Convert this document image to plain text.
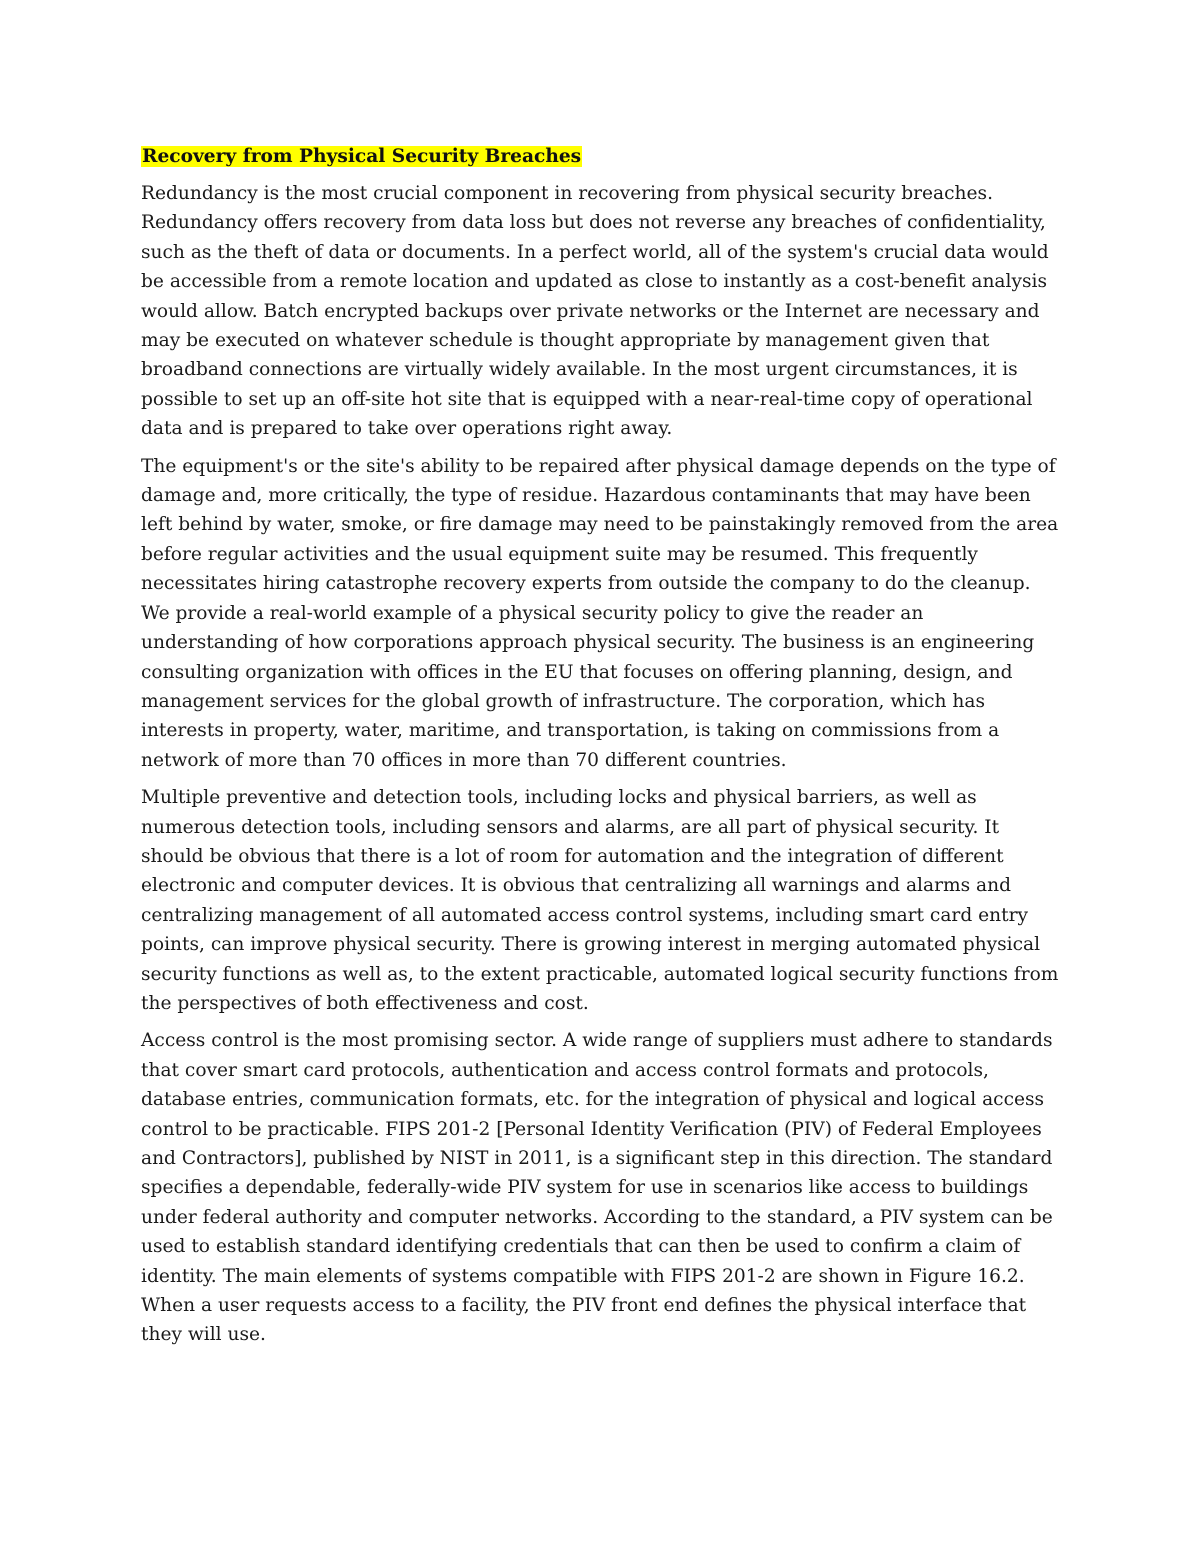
Recovery from Physical Security Breaches

Redundancy is the most crucial component in recovering from physical security breaches. Redundancy offers recovery from data loss but does not reverse any breaches of confidentiality, such as the theft of data or documents. In a perfect world, all of the system's crucial data would be accessible from a remote location and updated as close to instantly as a cost-benefit analysis would allow. Batch encrypted backups over private networks or the Internet are necessary and may be executed on whatever schedule is thought appropriate by management given that broadband connections are virtually widely available. In the most urgent circumstances, it is possible to set up an off-site hot site that is equipped with a near-real-time copy of operational data and is prepared to take over operations right away.

The equipment's or the site's ability to be repaired after physical damage depends on the type of damage and, more critically, the type of residue. Hazardous contaminants that may have been left behind by water, smoke, or fire damage may need to be painstakingly removed from the area before regular activities and the usual equipment suite may be resumed. This frequently necessitates hiring catastrophe recovery experts from outside the company to do the cleanup. We provide a real-world example of a physical security policy to give the reader an understanding of how corporations approach physical security. The business is an engineering consulting organization with offices in the EU that focuses on offering planning, design, and management services for the global growth of infrastructure. The corporation, which has interests in property, water, maritime, and transportation, is taking on commissions from a network of more than 70 offices in more than 70 different countries.

Multiple preventive and detection tools, including locks and physical barriers, as well as numerous detection tools, including sensors and alarms, are all part of physical security. It should be obvious that there is a lot of room for automation and the integration of different electronic and computer devices. It is obvious that centralizing all warnings and alarms and centralizing management of all automated access control systems, including smart card entry points, can improve physical security. There is growing interest in merging automated physical security functions as well as, to the extent practicable, automated logical security functions from the perspectives of both effectiveness and cost.

Access control is the most promising sector. A wide range of suppliers must adhere to standards that cover smart card protocols, authentication and access control formats and protocols, database entries, communication formats, etc. for the integration of physical and logical access control to be practicable. FIPS 201-2 [Personal Identity Verification (PIV) of Federal Employees and Contractors], published by NIST in 2011, is a significant step in this direction. The standard specifies a dependable, federally-wide PIV system for use in scenarios like access to buildings under federal authority and computer networks. According to the standard, a PIV system can be used to establish standard identifying credentials that can then be used to confirm a claim of identity. The main elements of systems compatible with FIPS 201-2 are shown in Figure 16.2. When a user requests access to a facility, the PIV front end defines the physical interface that they will use.
